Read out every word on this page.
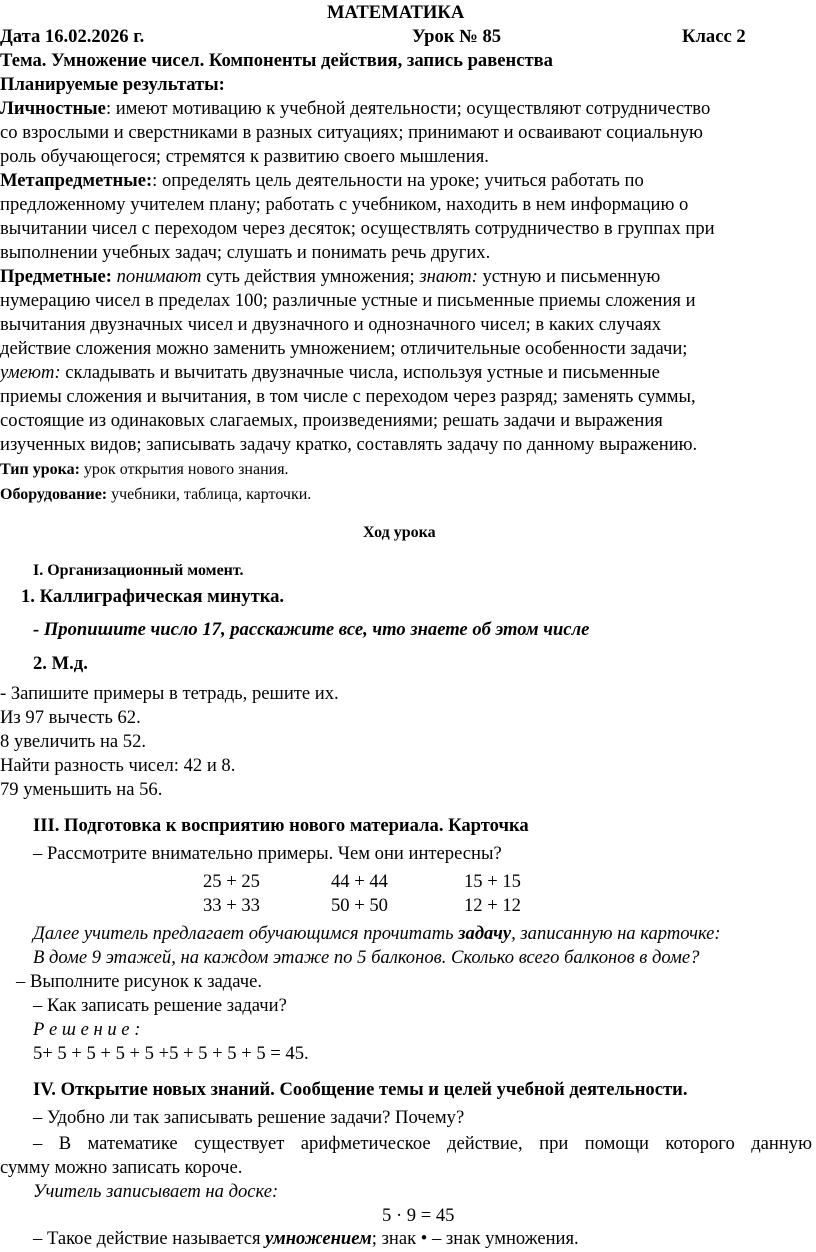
МАТЕМАТИКА
Дата 16.02.2026 г.	Урок № 85	Класс 2
Тема. Умножение чисел. Компоненты действия, запись равенства
Планируемые результаты:
Личностные: имеют мотивацию к учебной деятельности; осуществляют сотрудничество
со взрослыми и сверстниками в разных ситуациях; принимают и осваивают социальную
роль обучающегося; стремятся к развитию своего мышления.
Метапредметные:: определять цель деятельности на уроке; учиться работать по
предложенному учителем плану; работать с учебником, находить в нем информацию о
вычитании чисел с переходом через десяток; осуществлять сотрудничество в группах при
выполнении учебных задач; слушать и понимать речь других.
Предметные: понимают суть действия умножения; знают: устную и письменную
нумерацию чисел в пределах 100; различные устные и письменные приемы сложения и
вычитания двузначных чисел и двузначного и однозначного чисел; в каких случаях
действие сложения можно заменить умножением; отличительные особенности задачи;
умеют: складывать и вычитать двузначные числа, используя устные и письменные
приемы сложения и вычитания, в том числе с переходом через разряд; заменять суммы,
состоящие из одинаковых слагаемых, произведениями; решать задачи и выражения
изученных видов; записывать задачу кратко, составлять задачу по данному выражению.
Тип урока: урок открытия нового знания.
Оборудование: учебники, таблица, карточки.
Ход урока
I. Организационный момент.
1. Каллиграфическая минутка.
- Пропишите число 17, расскажите все, что знаете об этом числе
2. М.д.
- Запишите примеры в тетрадь, решите их.
Из 97 вычесть 62.
8 увеличить на 52.
Найти разность чисел: 42 и 8.
79 уменьшить на 56.
III. Подготовка к восприятию нового материала. Карточка
– Рассмотрите внимательно примеры. Чем они интересны?
25 + 25	44 + 44	15 + 15
33 + 33	50 + 50	12 + 12
Далее учитель предлагает обучающимся прочитать задачу, записанную на карточке:
В доме 9 этажей, на каждом этаже по 5 балконов. Сколько всего балконов в доме?
– Выполните рисунок к задаче.
– Как записать решение задачи?
Р е ш е н и е :
5+ 5 + 5 + 5 + 5 +5 + 5 + 5 + 5 = 45.
IV. Открытие новых знаний. Сообщение темы и целей учебной деятельности.
– Удобно ли так записывать решение задачи? Почему?
– В математике существует арифметическое действие, при помощи которого данную
сумму можно записать короче.
Учитель записывает на доске:
5 · 9 = 45
– Такое действие называется умножением; знак • – знак умножения.
